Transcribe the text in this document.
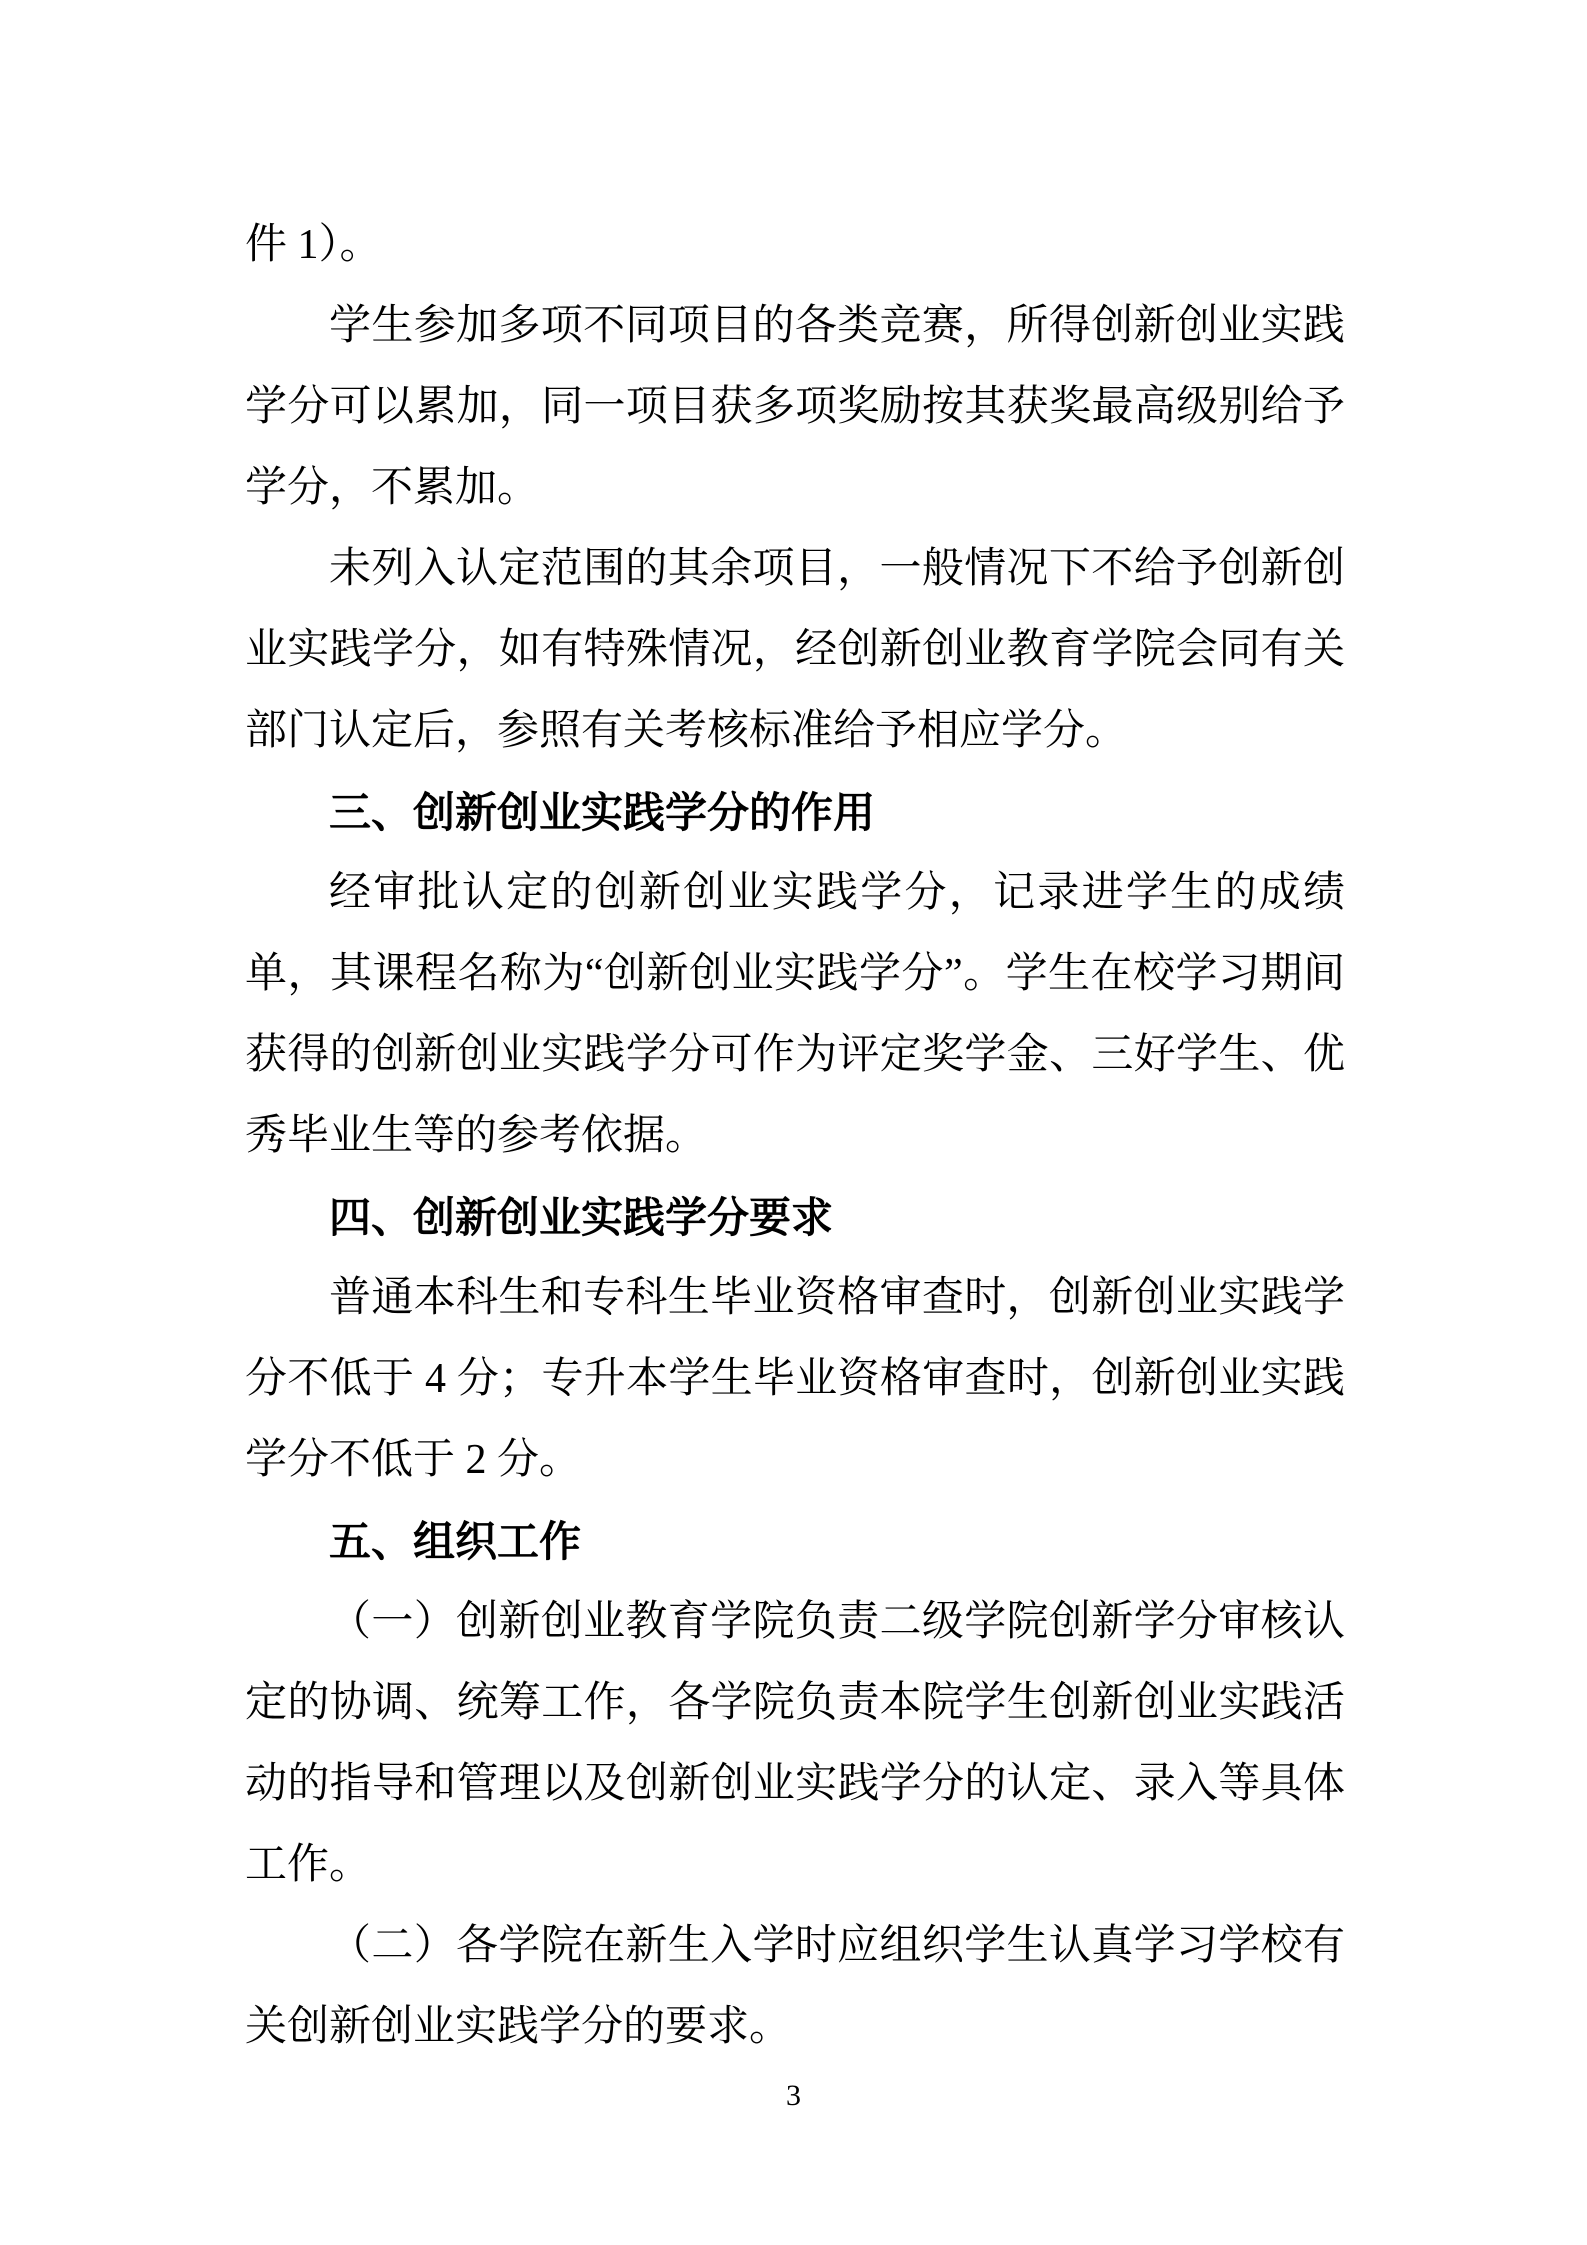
件 1）。

学生参加多项不同项目的各类竞赛，所得创新创业实践学分可以累加，同一项目获多项奖励按其获奖最高级别给予学分，不累加。

未列入认定范围的其余项目，一般情况下不给予创新创业实践学分，如有特殊情况，经创新创业教育学院会同有关部门认定后，参照有关考核标准给予相应学分。

三、创新创业实践学分的作用

经审批认定的创新创业实践学分，记录进学生的成绩单，其课程名称为“创新创业实践学分”。学生在校学习期间获得的创新创业实践学分可作为评定奖学金、三好学生、优秀毕业生等的参考依据。

四、创新创业实践学分要求

普通本科生和专科生毕业资格审查时，创新创业实践学分不低于 4 分；专升本学生毕业资格审查时，创新创业实践学分不低于 2 分。

五、组织工作

（一）创新创业教育学院负责二级学院创新学分审核认定的协调、统筹工作，各学院负责本院学生创新创业实践活动的指导和管理以及创新创业实践学分的认定、录入等具体工作。

（二）各学院在新生入学时应组织学生认真学习学校有关创新创业实践学分的要求。

3
